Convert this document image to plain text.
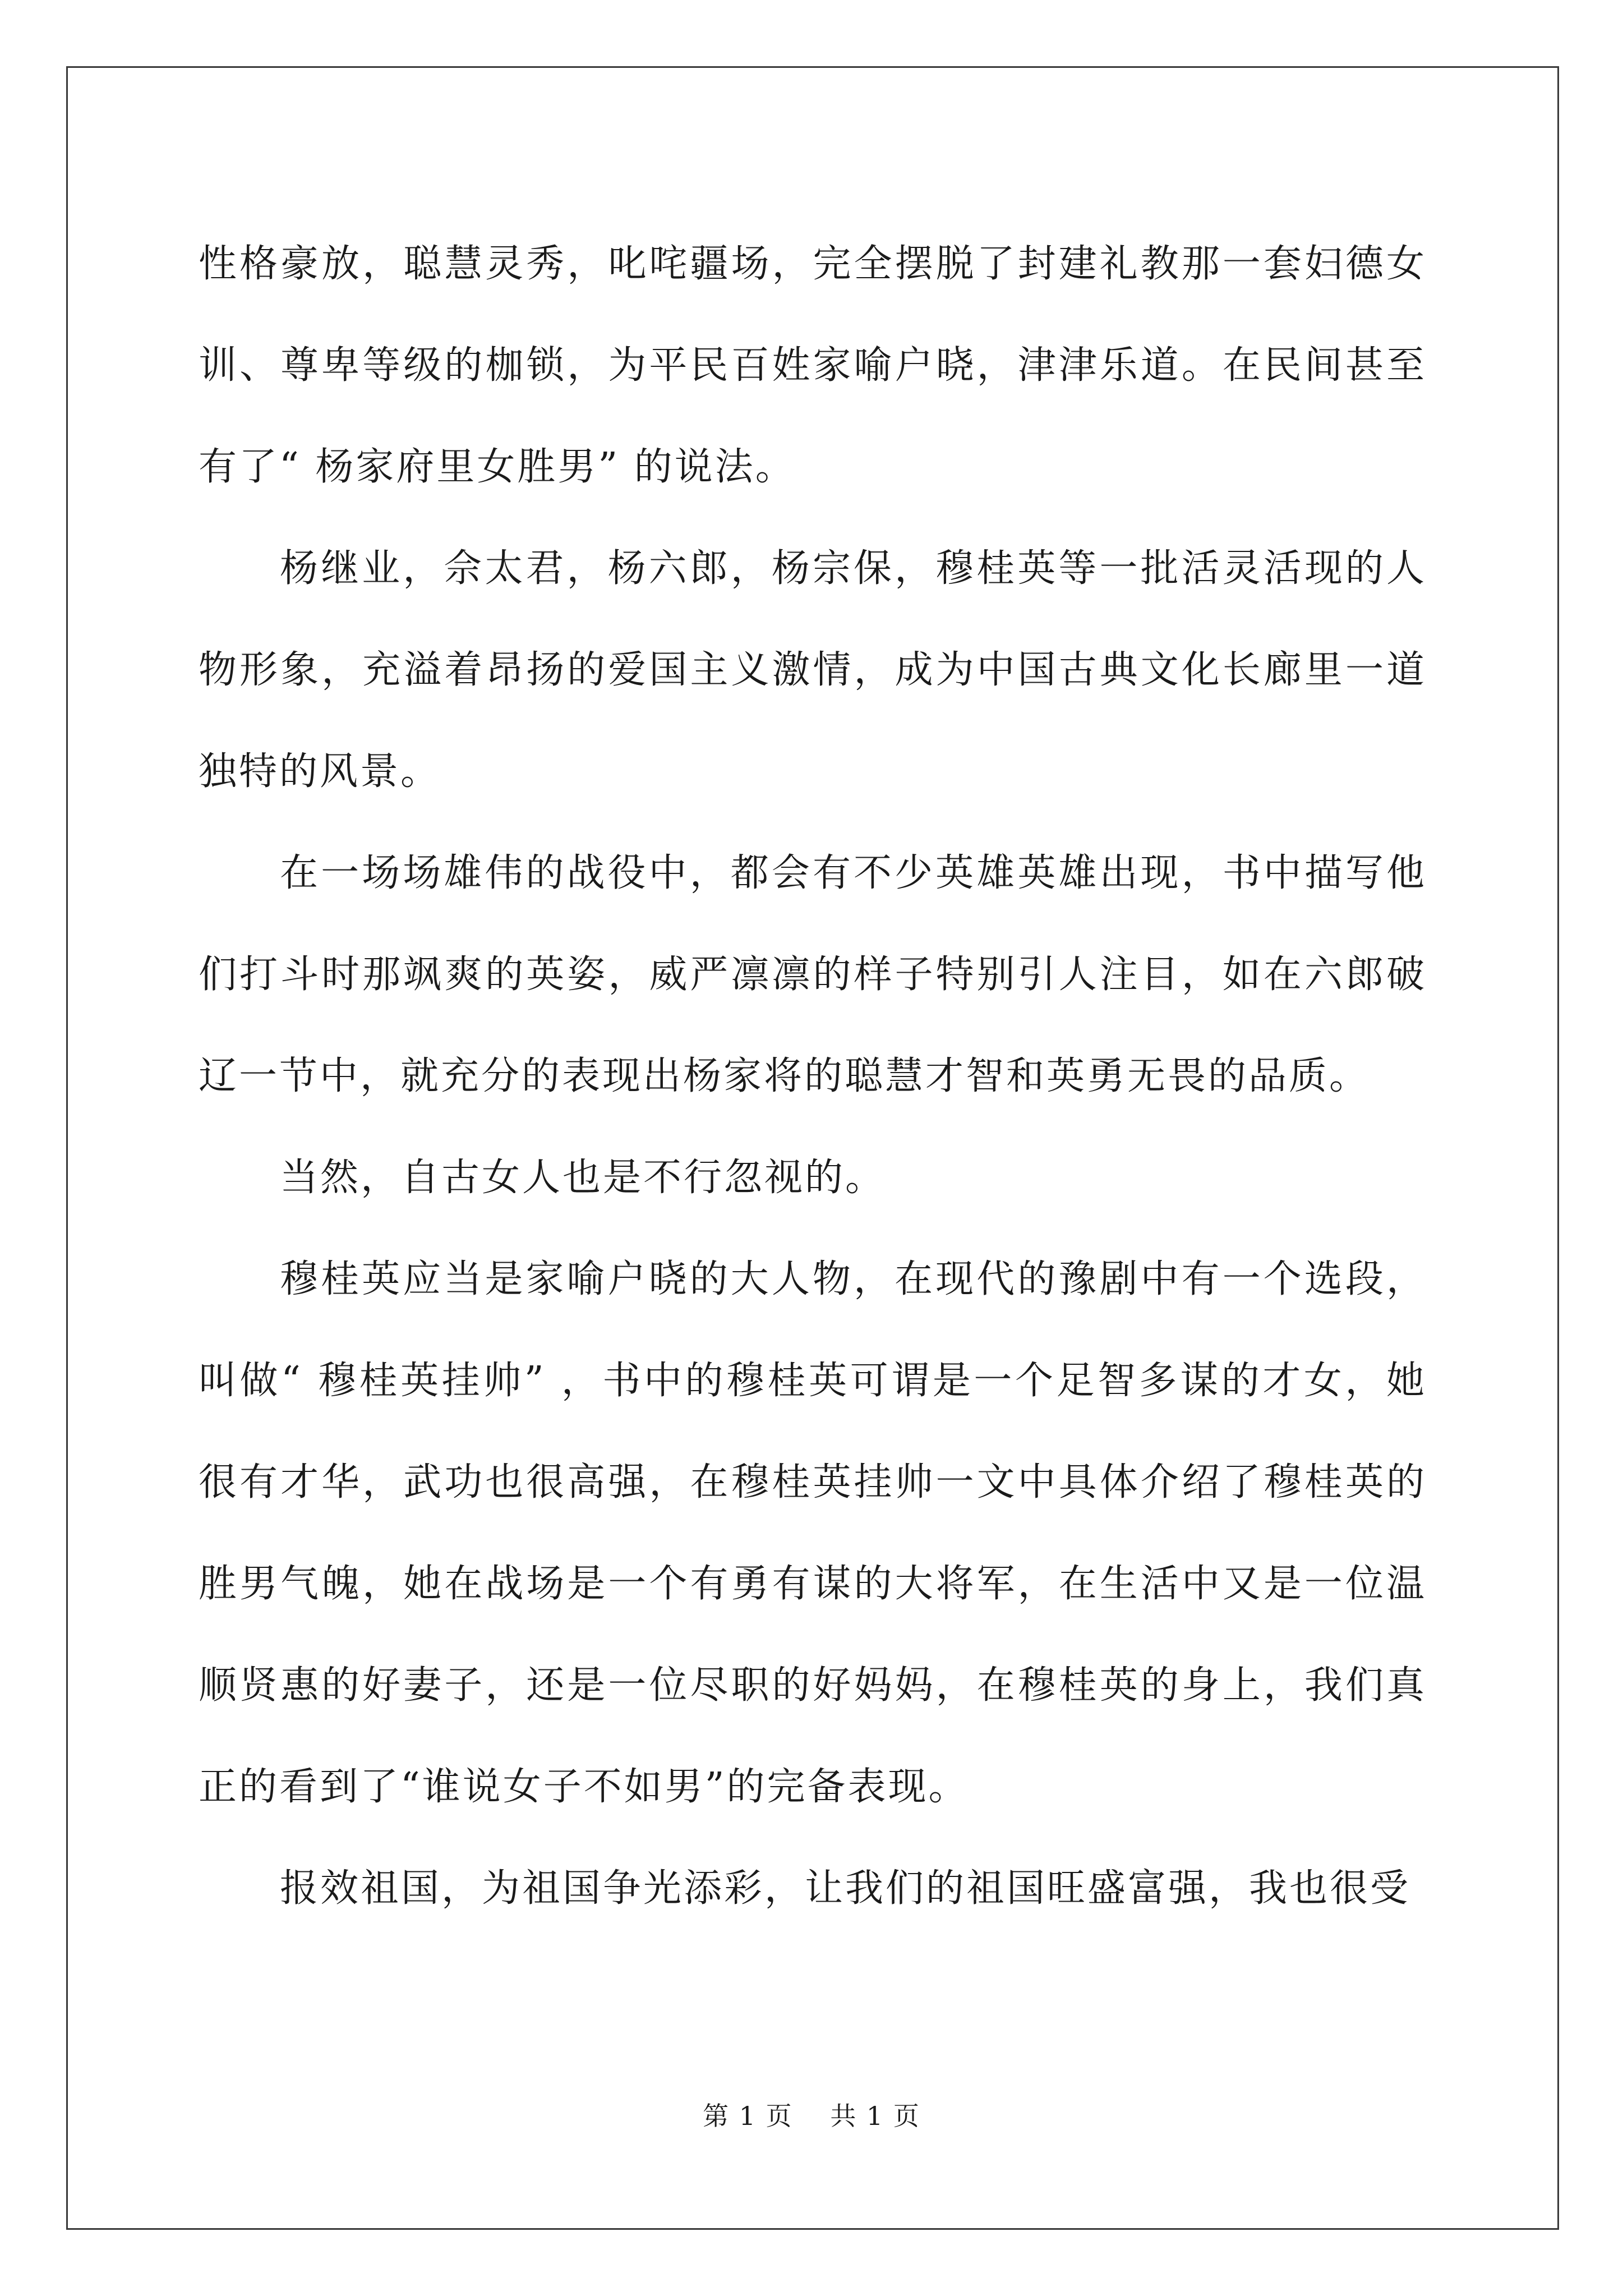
性格豪放，聪慧灵秀，叱咤疆场，完全摆脱了封建礼教那一套妇德女训、尊卑等级的枷锁，为平民百姓家喻户晓，津津乐道。在民间甚至有了“ 杨家府里女胜男” 的说法。

杨继业，佘太君，杨六郎，杨宗保，穆桂英等一批活灵活现的人物形象，充溢着昂扬的爱国主义激情，成为中国古典文化长廊里一道独特的风景。

在一场场雄伟的战役中，都会有不少英雄英雄出现，书中描写他们打斗时那飒爽的英姿，威严凛凛的样子特别引人注目，如在六郎破辽一节中，就充分的表现出杨家将的聪慧才智和英勇无畏的品质。

当然，自古女人也是不行忽视的。

穆桂英应当是家喻户晓的大人物，在现代的豫剧中有一个选段，叫做“ 穆桂英挂帅” ，书中的穆桂英可谓是一个足智多谋的才女，她很有才华，武功也很高强，在穆桂英挂帅一文中具体介绍了穆桂英的胜男气魄，她在战场是一个有勇有谋的大将军，在生活中又是一位温顺贤惠的好妻子，还是一位尽职的好妈妈，在穆桂英的身上，我们真正的看到了“谁说女子不如男”的完备表现。

报效祖国，为祖国争光添彩，让我们的祖国旺盛富强，我也很受

第 1 页 共 1 页
